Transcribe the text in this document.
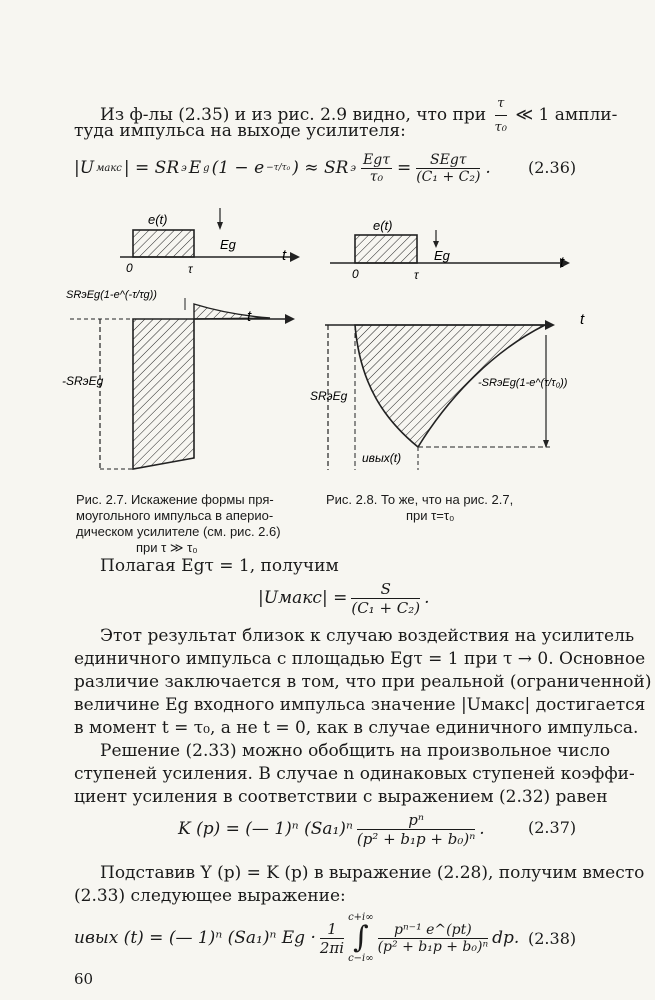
Из ф-лы (2.35) и из рис. 2.9 видно, что при $\frac{\tau}{\text{τ₀}}$ ≪ 1 ампли-
туда импульса на выходе усилителя:
|U макс | = SR э E g (1 − e −τ/τ₀ ) ≈ SR э $\frac{\text{Egτ}}{\text{τ₀}} = \frac{\text{SEgτ}}{\text{(C₁ + C₂)}}$ . (2.36)
e(t)
Eg
t
0	τ
t
SRэEg(1-e^(-τ/τg))
-SRэEg
e(t)
Eg	t
0	τ
t
SRэEg
-SRэEg(1-e^(τ/τ₀))
uвых(t)
Рис. 2.7. Искажение формы пря-
моугольного импульса в аперио-
дическом усилителе (см. рис. 2.6)
при τ ≫ τ₀
Рис. 2.8. То же, что на рис. 2.7,
при τ=τ₀
Полагая Egτ = 1, получим
|Uмакс| = $\frac{S}{\text{(C₁ + C₂)}}$ .
Этот результат близок к случаю воздействия на усилитель
единичного импульса с площадью Egτ = 1 при τ → 0. Основное
различие заключается в том, что при реальной (ограниченной)
величине Eg входного импульса значение |Uмакс| достигается
в момент t = τ₀, а не t = 0, как в случае единичного импульса.
Решение (2.33) можно обобщить на произвольное число
ступеней усиления. В случае n одинаковых ступеней коэффи-
циент усиления в соответствии с выражением (2.32) равен
K (p) = (— 1)ⁿ $(Sa_1)^n \frac{\text{pⁿ}}{\text{(p² + b₁p + b₀)ⁿ}}$ .	(2.37)
Подставив Y (p) = K (p) в выражение (2.28), получим вместо
(2.33) следующее выражение:
uвых (t) = (— 1)ⁿ (Sa₁)ⁿ $Eg \cdot \frac{1}{2\pi i}$
c+i∞
∫
c−i∞
$\frac{\text{pⁿ⁻¹ e\textasciicircum{}(pt)}}{\text{(p² + b₁p + b₀)ⁿ}}$ dp. (2.38)
60
